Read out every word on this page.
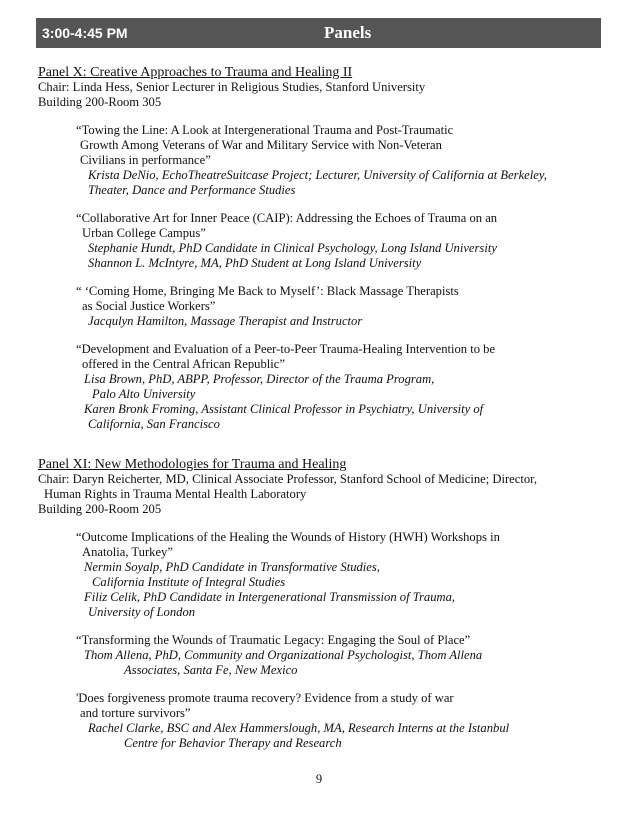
3:00-4:45 PM	Panels
Panel X: Creative Approaches to Trauma and Healing II
Chair: Linda Hess, Senior Lecturer in Religious Studies, Stanford University
Building 200-Room 305
“Towing the Line: A Look at Intergenerational Trauma and Post-Traumatic
Growth Among Veterans of War and Military Service with Non-Veteran
Civilians in performance”
Krista DeNio, EchoTheatreSuitcase Project; Lecturer, University of California at Berkeley,
Theater, Dance and Performance Studies
“Collaborative Art for Inner Peace (CAIP): Addressing the Echoes of Trauma on an
Urban College Campus”
Stephanie Hundt, PhD Candidate in Clinical Psychology, Long Island University
Shannon L. McIntyre, MA, PhD Student at Long Island University
“ ‘Coming Home, Bringing Me Back to Myself’: Black Massage Therapists
as Social Justice Workers”
Jacqulyn Hamilton, Massage Therapist and Instructor
“Development and Evaluation of a Peer-to-Peer Trauma-Healing Intervention to be
offered in the Central African Republic”
Lisa Brown, PhD, ABPP, Professor, Director of the Trauma Program,
Palo Alto University
Karen Bronk Froming, Assistant Clinical Professor in Psychiatry, University of
California, San Francisco
Panel XI: New Methodologies for Trauma and Healing
Chair: Daryn Reicherter, MD, Clinical Associate Professor, Stanford School of Medicine; Director,
Human Rights in Trauma Mental Health Laboratory
Building 200-Room 205
“Outcome Implications of the Healing the Wounds of History (HWH) Workshops in
Anatolia, Turkey”
Nermin Soyalp, PhD Candidate in Transformative Studies,
California Institute of Integral Studies
Filiz Celik, PhD Candidate in Intergenerational Transmission of Trauma,
University of London
“Transforming the Wounds of Traumatic Legacy: Engaging the Soul of Place”
Thom Allena, PhD, Community and Organizational Psychologist, Thom Allena
Associates, Santa Fe, New Mexico
'Does forgiveness promote trauma recovery? Evidence from a study of war
and torture survivors”
Rachel Clarke, BSC and Alex Hammerslough, MA, Research Interns at the Istanbul
Centre for Behavior Therapy and Research
9
